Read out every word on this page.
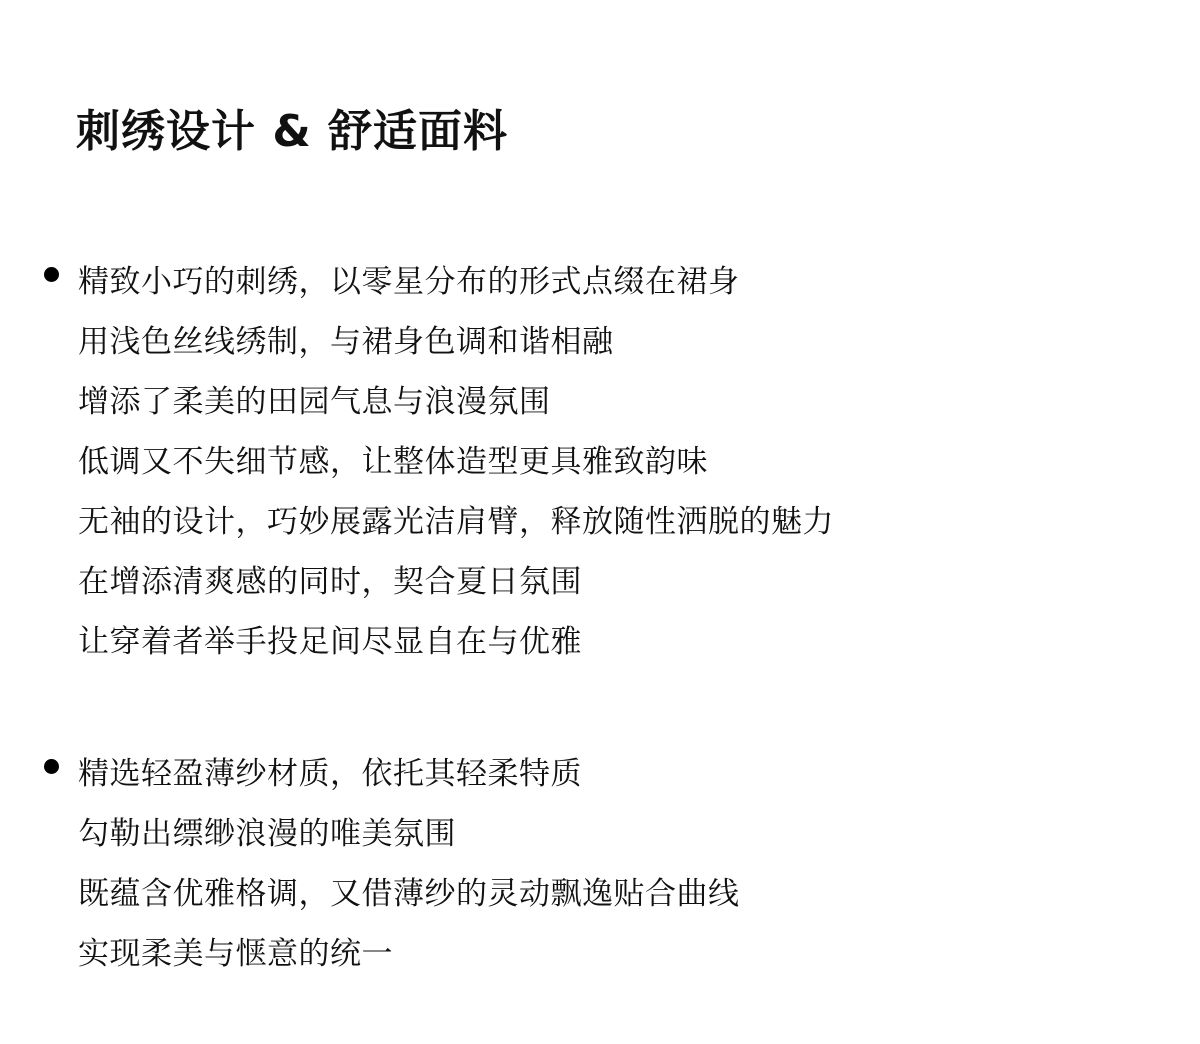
刺绣设计 & 舒适面料
精致小巧的刺绣，以零星分布的形式点缀在裙身
用浅色丝线绣制，与裙身色调和谐相融
增添了柔美的田园气息与浪漫氛围
低调又不失细节感，让整体造型更具雅致韵味
无袖的设计，巧妙展露光洁肩臂，释放随性洒脱的魅力
在增添清爽感的同时，契合夏日氛围
让穿着者举手投足间尽显自在与优雅
精选轻盈薄纱材质，依托其轻柔特质
勾勒出缥缈浪漫的唯美氛围
既蕴含优雅格调，又借薄纱的灵动飘逸贴合曲线
实现柔美与惬意的统一
